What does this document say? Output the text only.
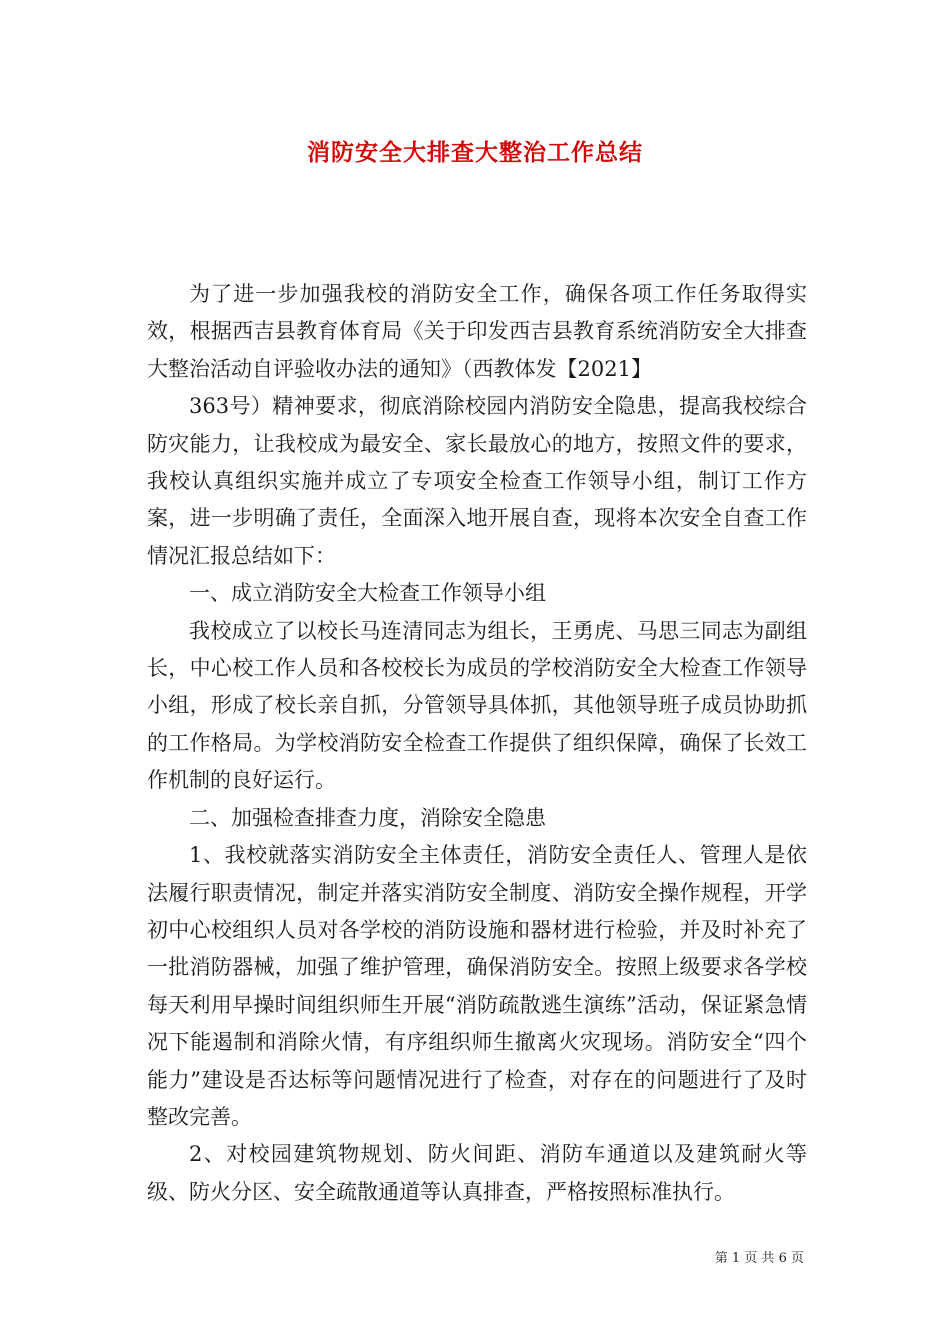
消防安全大排查大整治工作总结

为了进一步加强我校的消防安全工作，确保各项工作任务取得实效，根据西吉县教育体育局《关于印发西吉县教育系统消防安全大排查大整治活动自评验收办法的通知》（西教体发【2021】

363号）精神要求，彻底消除校园内消防安全隐患，提高我校综合防灾能力，让我校成为最安全、家长最放心的地方，按照文件的要求，我校认真组织实施并成立了专项安全检查工作领导小组，制订工作方案，进一步明确了责任，全面深入地开展自查，现将本次安全自查工作情况汇报总结如下：

一、成立消防安全大检查工作领导小组

我校成立了以校长马连清同志为组长，王勇虎、马思三同志为副组长，中心校工作人员和各校校长为成员的学校消防安全大检查工作领导小组，形成了校长亲自抓，分管领导具体抓，其他领导班子成员协助抓的工作格局。为学校消防安全检查工作提供了组织保障，确保了长效工作机制的良好运行。

二、加强检查排查力度，消除安全隐患

1、我校就落实消防安全主体责任，消防安全责任人、管理人是依法履行职责情况，制定并落实消防安全制度、消防安全操作规程，开学初中心校组织人员对各学校的消防设施和器材进行检验，并及时补充了一批消防器械，加强了维护管理，确保消防安全。按照上级要求各学校每天利用早操时间组织师生开展“消防疏散逃生演练”活动，保证紧急情况下能遏制和消除火情，有序组织师生撤离火灾现场。消防安全“四个能力”建设是否达标等问题情况进行了检查，对存在的问题进行了及时整改完善。

2、对校园建筑物规划、防火间距、消防车通道以及建筑耐火等级、防火分区、安全疏散通道等认真排查，严格按照标准执行。

第 1 页 共 6 页
